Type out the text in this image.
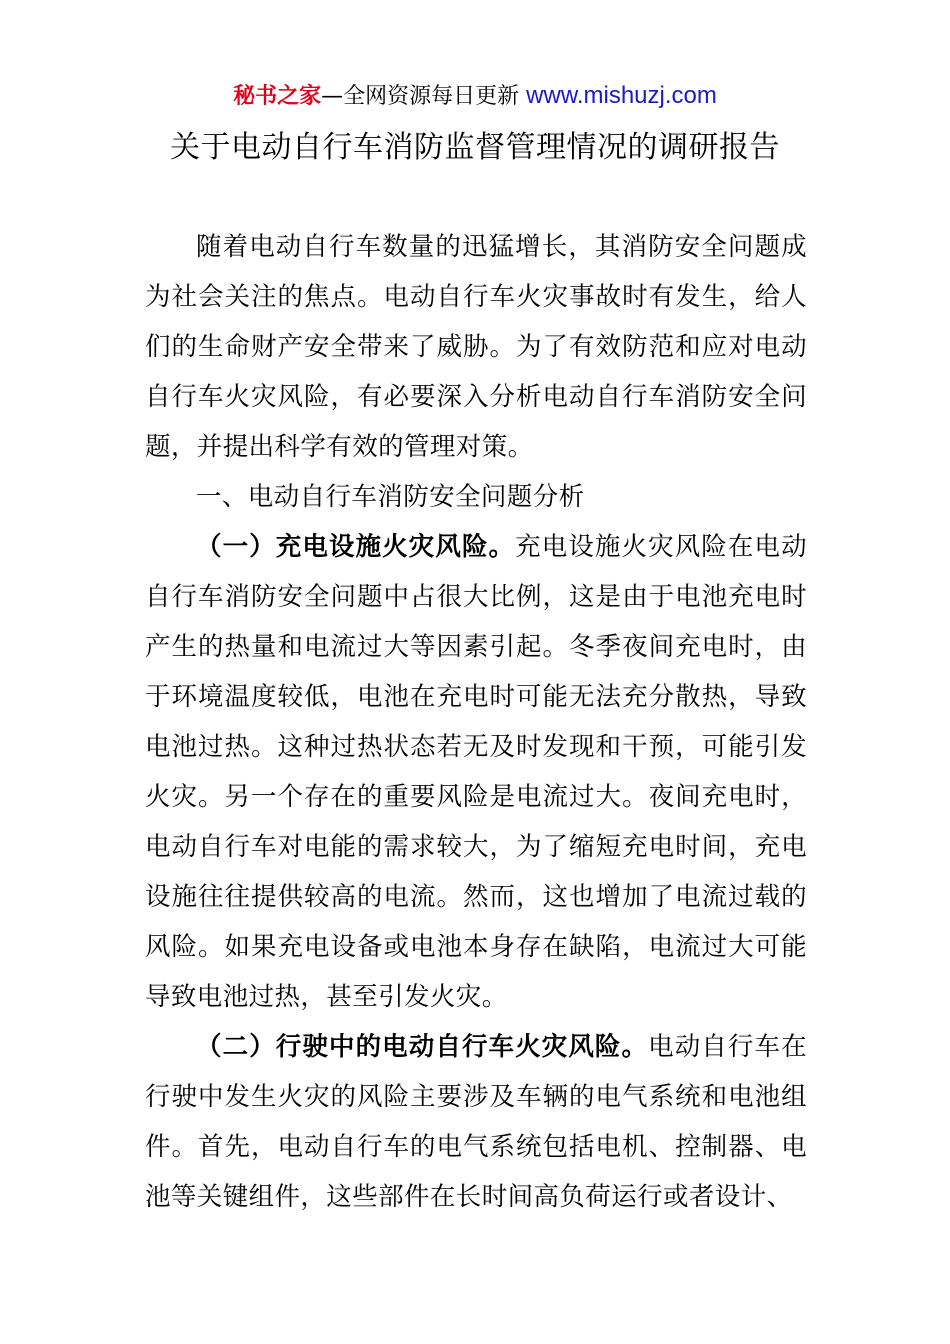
秘书之家—全网资源每日更新 www.mishuzj.com
关于电动自行车消防监督管理情况的调研报告

随着电动自行车数量的迅猛增长，其消防安全问题成为社会关注的焦点。电动自行车火灾事故时有发生，给人们的生命财产安全带来了威胁。为了有效防范和应对电动自行车火灾风险，有必要深入分析电动自行车消防安全问题，并提出科学有效的管理对策。

一、电动自行车消防安全问题分析

（一）充电设施火灾风险。充电设施火灾风险在电动自行车消防安全问题中占很大比例，这是由于电池充电时产生的热量和电流过大等因素引起。冬季夜间充电时，由于环境温度较低，电池在充电时可能无法充分散热，导致电池过热。这种过热状态若无及时发现和干预，可能引发火灾。另一个存在的重要风险是电流过大。夜间充电时，电动自行车对电能的需求较大，为了缩短充电时间，充电设施往往提供较高的电流。然而，这也增加了电流过载的风险。如果充电设备或电池本身存在缺陷，电流过大可能导致电池过热，甚至引发火灾。

（二）行驶中的电动自行车火灾风险。电动自行车在行驶中发生火灾的风险主要涉及车辆的电气系统和电池组件。首先，电动自行车的电气系统包括电机、控制器、电池等关键组件，这些部件在长时间高负荷运行或者设计、
